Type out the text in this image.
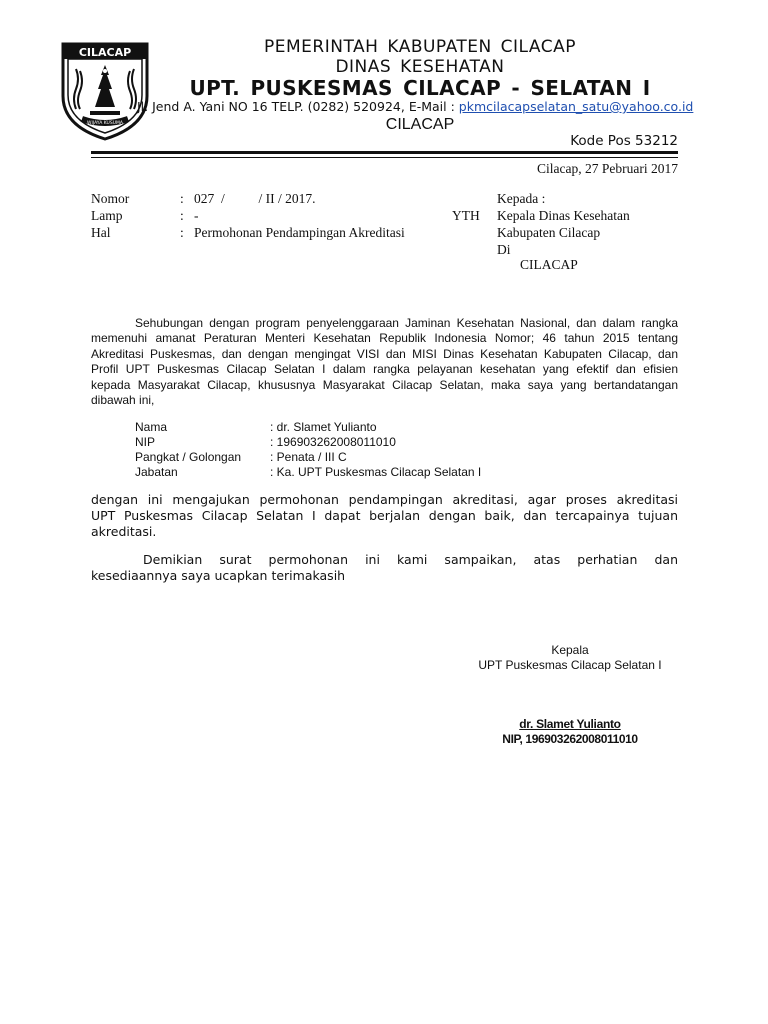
CILACAP
WIJAYA KUSUMA
PEMERINTAH KABUPATEN CILACAP
DINAS KESEHATAN
UPT. PUSKESMAS CILACAP - SELATAN I
Jl. Jend A. Yani NO 16 TELP. (0282) 520924, E-Mail : pkmcilacapselatan_satu@yahoo.co.id
CILACAP
Kode Pos 53212
Cilacap, 27 Pebruari 2017
Nomor	: 027  /          / II / 2017.
Lamp	: -
Hal	: Permohonan Pendampingan Akreditasi
Kepada :
YTH Kepala Dinas Kesehatan
Kabupaten Cilacap
Di
CILACAP
Sehubungan dengan program penyelenggaraan Jaminan Kesehatan Nasional, dan dalam rangka
memenuhi amanat Peraturan Menteri Kesehatan Republik Indonesia Nomor; 46 tahun 2015 tentang
Akreditasi Puskesmas, dan dengan mengingat VISI dan MISI Dinas Kesehatan Kabupaten Cilacap, dan
Profil UPT Puskesmas Cilacap Selatan I dalam rangka pelayanan kesehatan yang efektif dan efisien
kepada Masyarakat Cilacap, khususnya Masyarakat Cilacap Selatan, maka saya yang bertandatangan
dibawah ini,
Nama	: dr. Slamet Yulianto
NIP	: 196903262008011010
Pangkat / Golongan : Penata / III C
Jabatan	: Ka. UPT Puskesmas Cilacap Selatan I
dengan ini mengajukan permohonan pendampingan akreditasi, agar proses akreditasi
UPT Puskesmas Cilacap Selatan I dapat berjalan dengan baik, dan tercapainya tujuan
akreditasi.
Demikian surat permohonan ini kami sampaikan, atas perhatian dan
kesediaannya saya ucapkan terimakasih
Kepala
UPT Puskesmas Cilacap Selatan I
dr. Slamet Yulianto
NIP, 196903262008011010
